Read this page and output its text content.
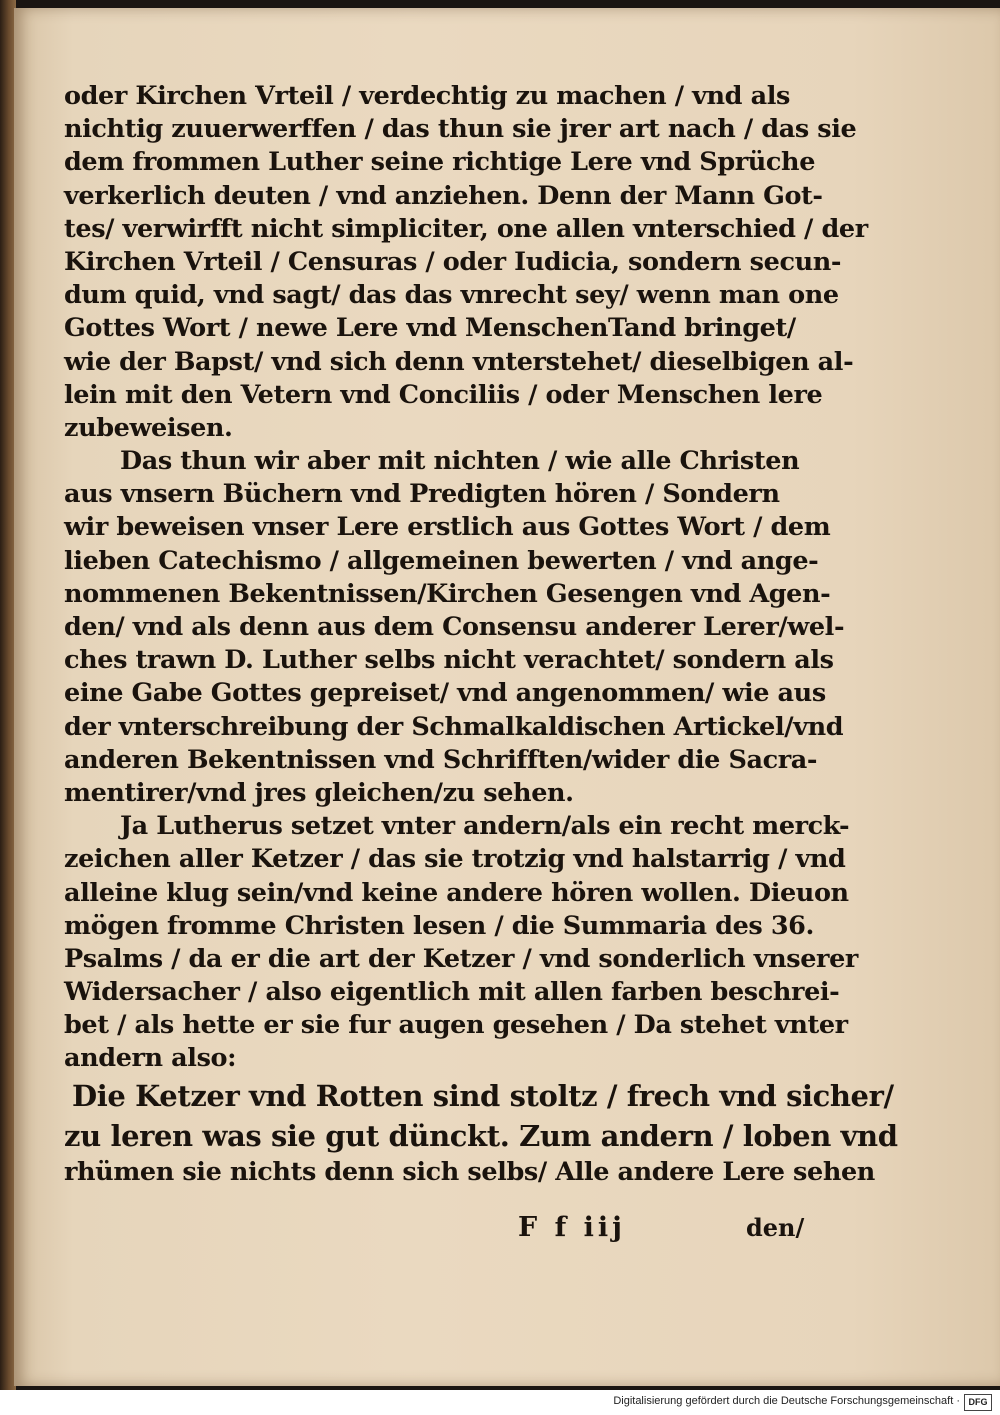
oder Kirchen Vrteil / verdechtig zu machen / vnd als
nichtig zuuerwerffen / das thun sie jrer art nach / das sie
dem frommen Luther seine richtige Lere vnd Sprüche
verkerlich deuten / vnd anziehen. Denn der Mann Got-
tes/ verwirfft nicht simpliciter, one allen vnterschied / der
Kirchen Vrteil / Censuras / oder Iudicia, sondern secun-
dum quid, vnd sagt/ das das vnrecht sey/ wenn man one
Gottes Wort / newe Lere vnd MenschenTand bringet/
wie der Bapst/ vnd sich denn vnterstehet/ dieselbigen al-
lein mit den Vetern vnd Conciliis / oder Menschen lere
zubeweisen.
Das thun wir aber mit nichten / wie alle Christen
aus vnsern Büchern vnd Predigten hören / Sondern
wir beweisen vnser Lere erstlich aus Gottes Wort / dem
lieben Catechismo / allgemeinen bewerten / vnd ange-
nommenen Bekentnissen/Kirchen Gesengen vnd Agen-
den/ vnd als denn aus dem Consensu anderer Lerer/wel-
ches trawn D. Luther selbs nicht verachtet/ sondern als
eine Gabe Gottes gepreiset/ vnd angenommen/ wie aus
der vnterschreibung der Schmalkaldischen Artickel/vnd
anderen Bekentnissen vnd Schrifften/wider die Sacra-
mentirer/vnd jres gleichen/zu sehen.
Ja Lutherus setzet vnter andern/als ein recht merck-
zeichen aller Ketzer / das sie trotzig vnd halstarrig / vnd
alleine klug sein/vnd keine andere hören wollen. Dieuon
mögen fromme Christen lesen / die Summaria des 36.
Psalms / da er die art der Ketzer / vnd sonderlich vnserer
Widersacher / also eigentlich mit allen farben beschrei-
bet / als hette er sie fur augen gesehen / Da stehet vnter
andern also:
Die Ketzer vnd Rotten sind stoltz / frech vnd sicher/
zu leren was sie gut dünckt. Zum andern / loben vnd
rhümen sie nichts denn sich selbs/ Alle andere Lere sehen
F f iij	den/
Digitalisierung gefördert durch die Deutsche Forschungsgemeinschaft · DFG
